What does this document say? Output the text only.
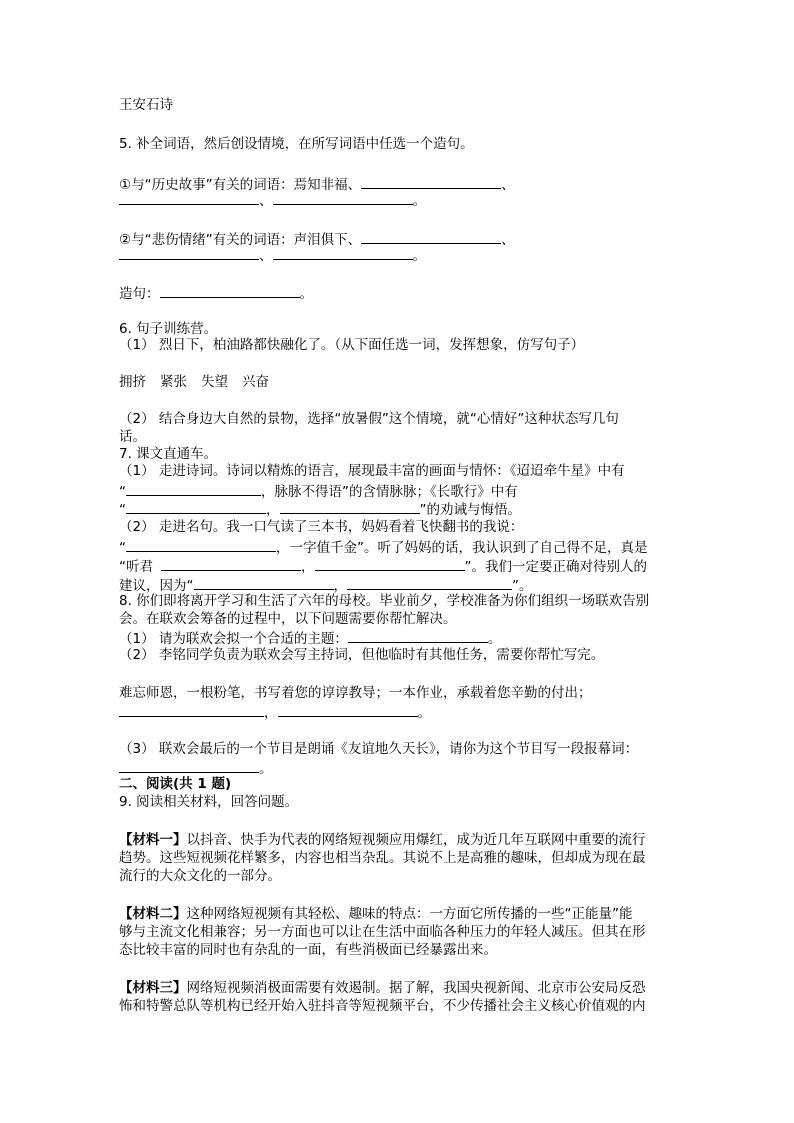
王安石诗
5. 补全词语，然后创设情境，在所写词语中任选一个造句。
①与“历史故事”有关的词语：焉知非福、	、
、	。
②与“悲伤情绪”有关的词语：声泪俱下、	、
、	。
造句：	。
6. 句子训练营。
（1） 烈日下，柏油路都快融化了。（从下面任选一词，发挥想象，仿写句子）
拥挤 紧张 失望 兴奋
（2） 结合身边大自然的景物，选择“放暑假”这个情境，就“心情好”这种状态写几句
话。
7. 课文直通车。
（1） 走进诗词。诗词以精炼的语言，展现最丰富的画面与情怀：《迢迢牵牛星》中有
“	，脉脉不得语”的含情脉脉；《长歌行》中有
“	，	”的劝诫与悔悟。
（2） 走进名句。我一口气读了三本书，妈妈看着飞快翻书的我说：
“	，一字值千金”。听了妈妈的话，我认识到了自己得不足，真是
“听君	，	”。我们一定要正确对待别人的
建议，因为“	，	”。
8. 你们即将离开学习和生活了六年的母校。毕业前夕，学校准备为你们组织一场联欢告别
会。在联欢会筹备的过程中，以下问题需要你帮忙解决。
（1） 请为联欢会拟一个合适的主题：	。
（2） 李铭同学负责为联欢会写主持词，但他临时有其他任务，需要你帮忙写完。
难忘师恩，一根粉笔，书写着您的谆谆教导；一本作业，承载着您辛勤的付出；
，	。
（3） 联欢会最后的一个节目是朗诵《友谊地久天长》，请你为这个节目写一段报幕词：
。
二、阅读(共 1 题)
9. 阅读相关材料，回答问题。
【材料一】以抖音、快手为代表的网络短视频应用爆红，成为近几年互联网中重要的流行
趋势。这些短视频花样繁多，内容也相当杂乱。其说不上是高雅的趣味，但却成为现在最
流行的大众文化的一部分。
【材料二】这种网络短视频有其轻松、趣味的特点：一方面它所传播的一些“正能量”能
够与主流文化相兼容；另一方面也可以让在生活中面临各种压力的年轻人减压。但其在形
态比较丰富的同时也有杂乱的一面，有些消极面已经暴露出来。
【材料三】网络短视频消极面需要有效遏制。据了解，我国央视新闻、北京市公安局反恐
怖和特警总队等机构已经开始入驻抖音等短视频平台，不少传播社会主义核心价值观的内
